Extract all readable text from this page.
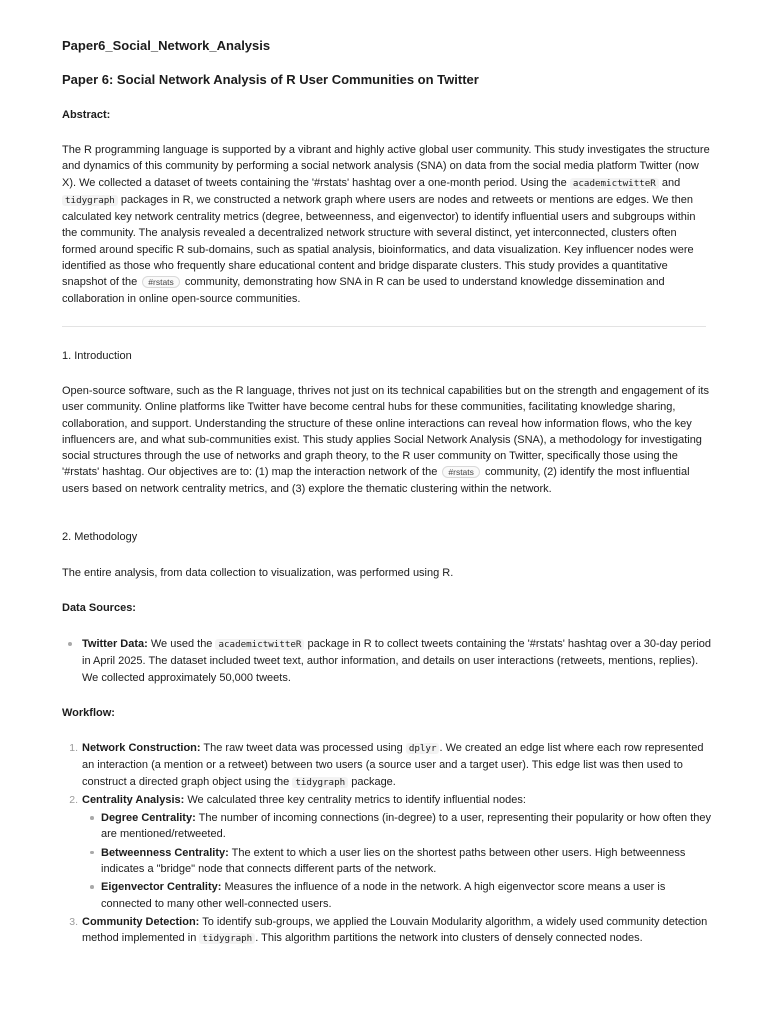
Paper6_Social_Network_Analysis
Paper 6: Social Network Analysis of R User Communities on Twitter
Abstract:

The R programming language is supported by a vibrant and highly active global user community. This study investigates the structure and dynamics of this community by performing a social network analysis (SNA) on data from the social media platform Twitter (now X). We collected a dataset of tweets containing the '#rstats' hashtag over a one-month period. Using the academictwitteR and tidygraph packages in R, we constructed a network graph where users are nodes and retweets or mentions are edges. We then calculated key network centrality metrics (degree, betweenness, and eigenvector) to identify influential users and subgroups within the community. The analysis revealed a decentralized network structure with several distinct, yet interconnected, clusters often formed around specific R sub-domains, such as spatial analysis, bioinformatics, and data visualization. Key influencer nodes were identified as those who frequently share educational content and bridge disparate clusters. This study provides a quantitative snapshot of the #rstats community, demonstrating how SNA in R can be used to understand knowledge dissemination and collaboration in online open-source communities.

1. Introduction

Open-source software, such as the R language, thrives not just on its technical capabilities but on the strength and engagement of its user community. Online platforms like Twitter have become central hubs for these communities, facilitating knowledge sharing, collaboration, and support. Understanding the structure of these online interactions can reveal how information flows, who the key influencers are, and what sub-communities exist. This study applies Social Network Analysis (SNA), a methodology for investigating social structures through the use of networks and graph theory, to the R user community on Twitter, specifically those using the '#rstats' hashtag. Our objectives are to: (1) map the interaction network of the #rstats community, (2) identify the most influential users based on network centrality metrics, and (3) explore the thematic clustering within the network.

2. Methodology

The entire analysis, from data collection to visualization, was performed using R.

Data Sources:
Twitter Data: We used the academictwitteR package in R to collect tweets containing the '#rstats' hashtag over a 30-day period in April 2025. The dataset included tweet text, author information, and details on user interactions (retweets, mentions, replies). We collected approximately 50,000 tweets.
Workflow:
1. Network Construction: The raw tweet data was processed using dplyr . We created an edge list where each row represented an interaction (a mention or a retweet) between two users (a source user and a target user). This edge list was then used to construct a directed graph object using the tidygraph package.
2. Centrality Analysis: We calculated three key centrality metrics to identify influential nodes:
Degree Centrality: The number of incoming connections (in-degree) to a user, representing their popularity or how often they are mentioned/retweeted.
Betweenness Centrality: The extent to which a user lies on the shortest paths between other users. High betweenness indicates a "bridge" node that connects different parts of the network.
Eigenvector Centrality: Measures the influence of a node in the network. A high eigenvector score means a user is connected to many other well-connected users.
3. Community Detection: To identify sub-groups, we applied the Louvain Modularity algorithm, a widely used community detection method implemented in tidygraph . This algorithm partitions the network into clusters of densely connected nodes.
